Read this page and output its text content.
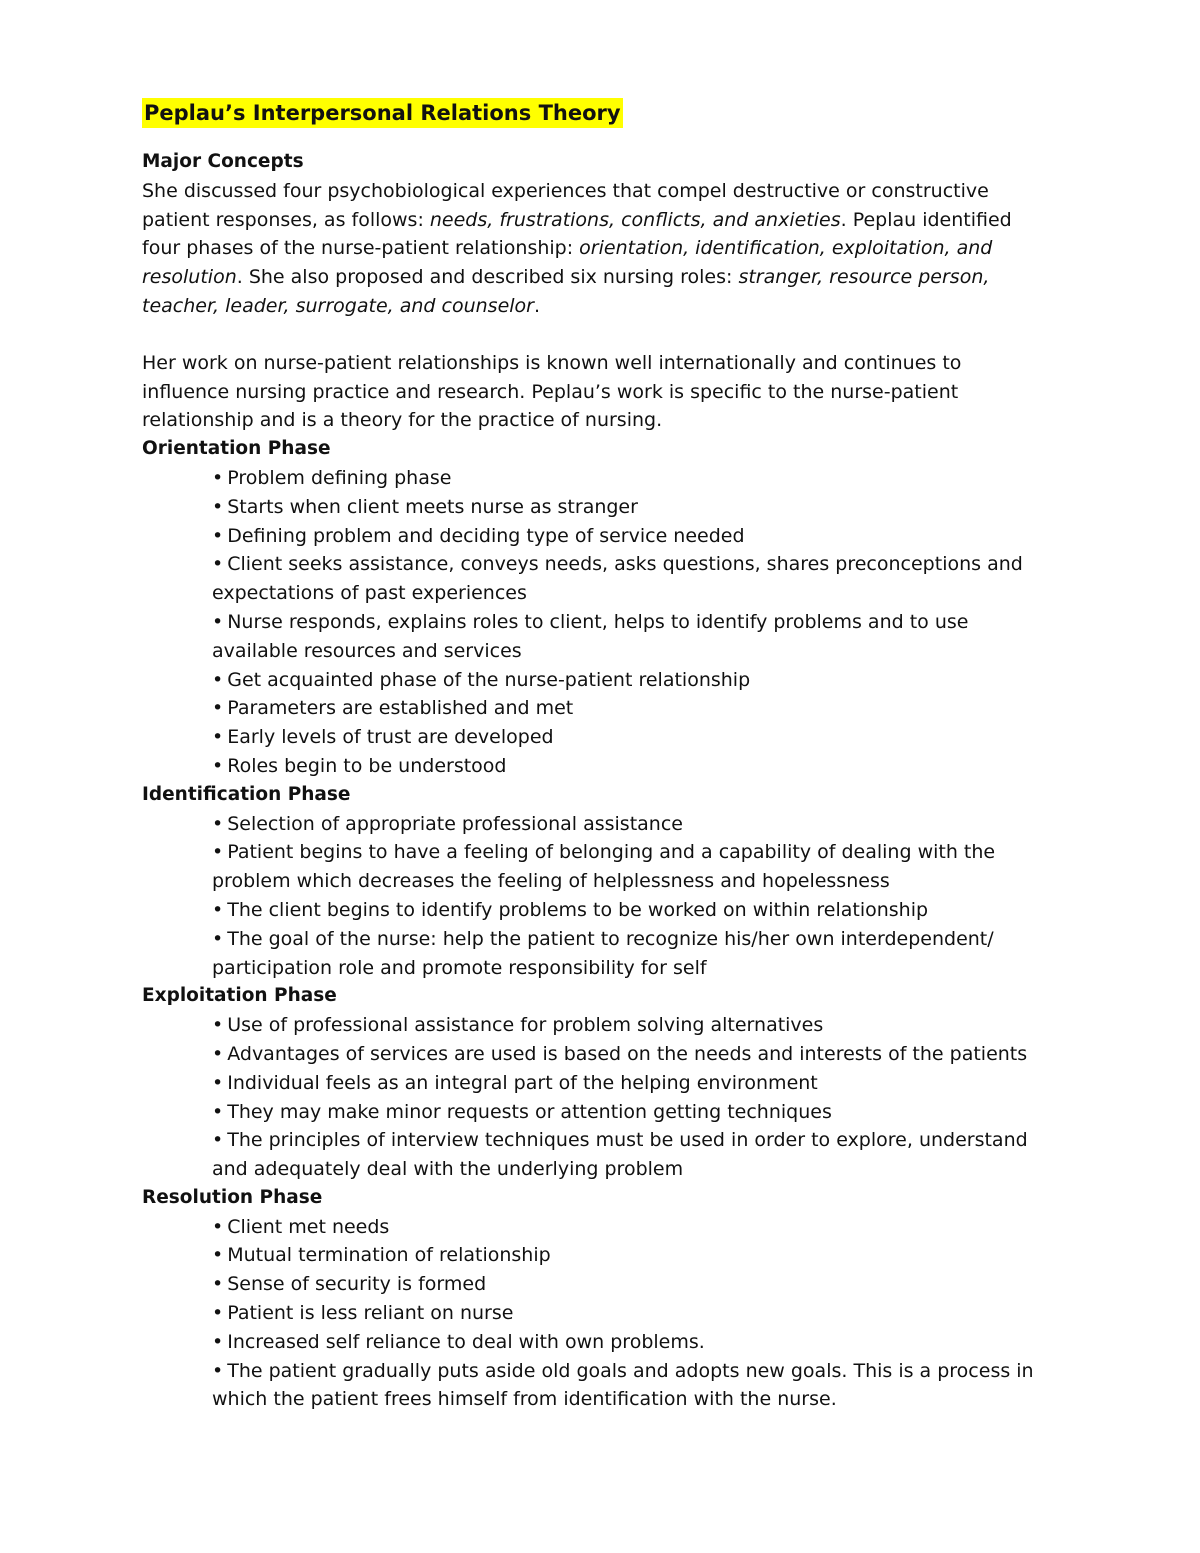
Peplau’s Interpersonal Relations Theory
Major Concepts
She discussed four psychobiological experiences that compel destructive or constructive patient responses, as follows: needs, frustrations, conflicts, and anxieties. Peplau identified four phases of the nurse-patient relationship: orientation, identification, exploitation, and resolution. She also proposed and described six nursing roles: stranger, resource person, teacher, leader, surrogate, and counselor.
Her work on nurse-patient relationships is known well internationally and continues to influence nursing practice and research. Peplau’s work is specific to the nurse-patient relationship and is a theory for the practice of nursing.
Orientation Phase
• Problem defining phase
• Starts when client meets nurse as stranger
• Defining problem and deciding type of service needed
• Client seeks assistance, conveys needs, asks questions, shares preconceptions and expectations of past experiences
• Nurse responds, explains roles to client, helps to identify problems and to use available resources and services
• Get acquainted phase of the nurse-patient relationship
• Parameters are established and met
• Early levels of trust are developed
• Roles begin to be understood
Identification Phase
• Selection of appropriate professional assistance
• Patient begins to have a feeling of belonging and a capability of dealing with the problem which decreases the feeling of helplessness and hopelessness
• The client begins to identify problems to be worked on within relationship
• The goal of the nurse: help the patient to recognize his/her own interdependent/ participation role and promote responsibility for self
Exploitation Phase
• Use of professional assistance for problem solving alternatives
• Advantages of services are used is based on the needs and interests of the patients
• Individual feels as an integral part of the helping environment
• They may make minor requests or attention getting techniques
• The principles of interview techniques must be used in order to explore, understand and adequately deal with the underlying problem
Resolution Phase
• Client met needs
• Mutual termination of relationship
• Sense of security is formed
• Patient is less reliant on nurse
• Increased self reliance to deal with own problems.
• The patient gradually puts aside old goals and adopts new goals. This is a process in which the patient frees himself from identification with the nurse.
